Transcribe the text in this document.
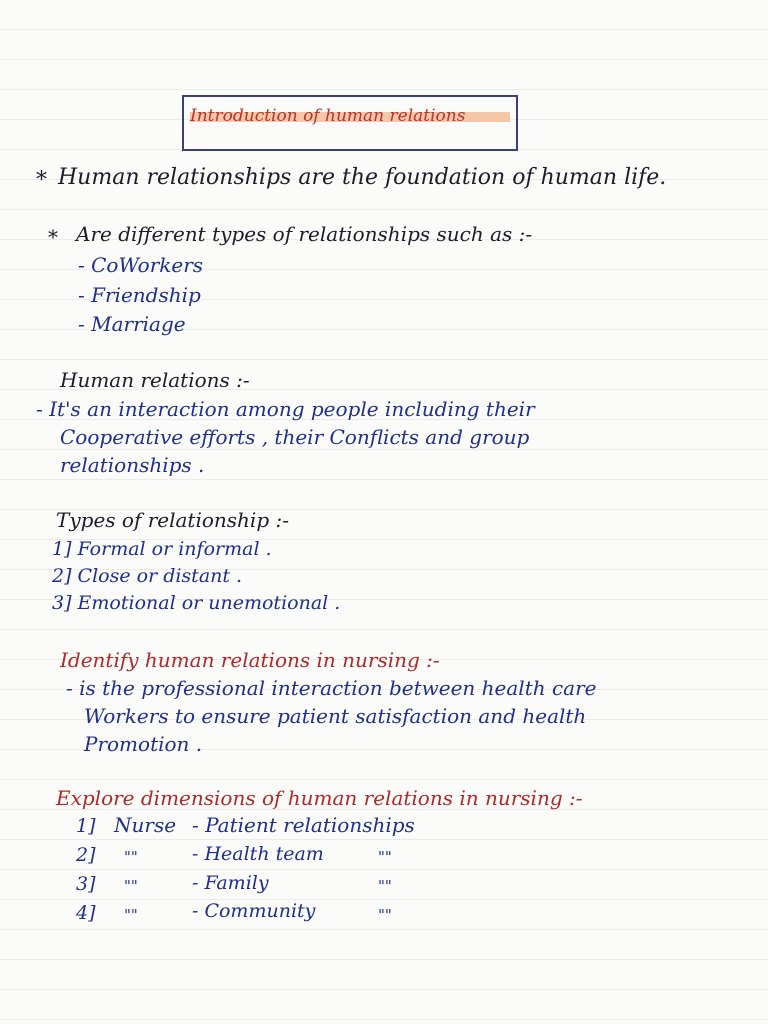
Introduction of human relations
* Human relationships are the foundation of human life.
* Are different types of relationships such as :-
- CoWorkers
- Friendship
- Marriage
Human relations :-
- It's an interaction among people including their
Cooperative efforts , their Conflicts and group
relationships .
Types of relationship :-
1] Formal or informal .
2] Close or distant .
3] Emotional or unemotional .
Identify human relations in nursing :-
- is the professional interaction between health care
Workers to ensure patient satisfaction and health
Promotion .
Explore dimensions of human relations in nursing :-
1] Nurse - Patient relationships
2] ""	- Health team	""
3] ""	- Family	""
4] ""	- Community	""
